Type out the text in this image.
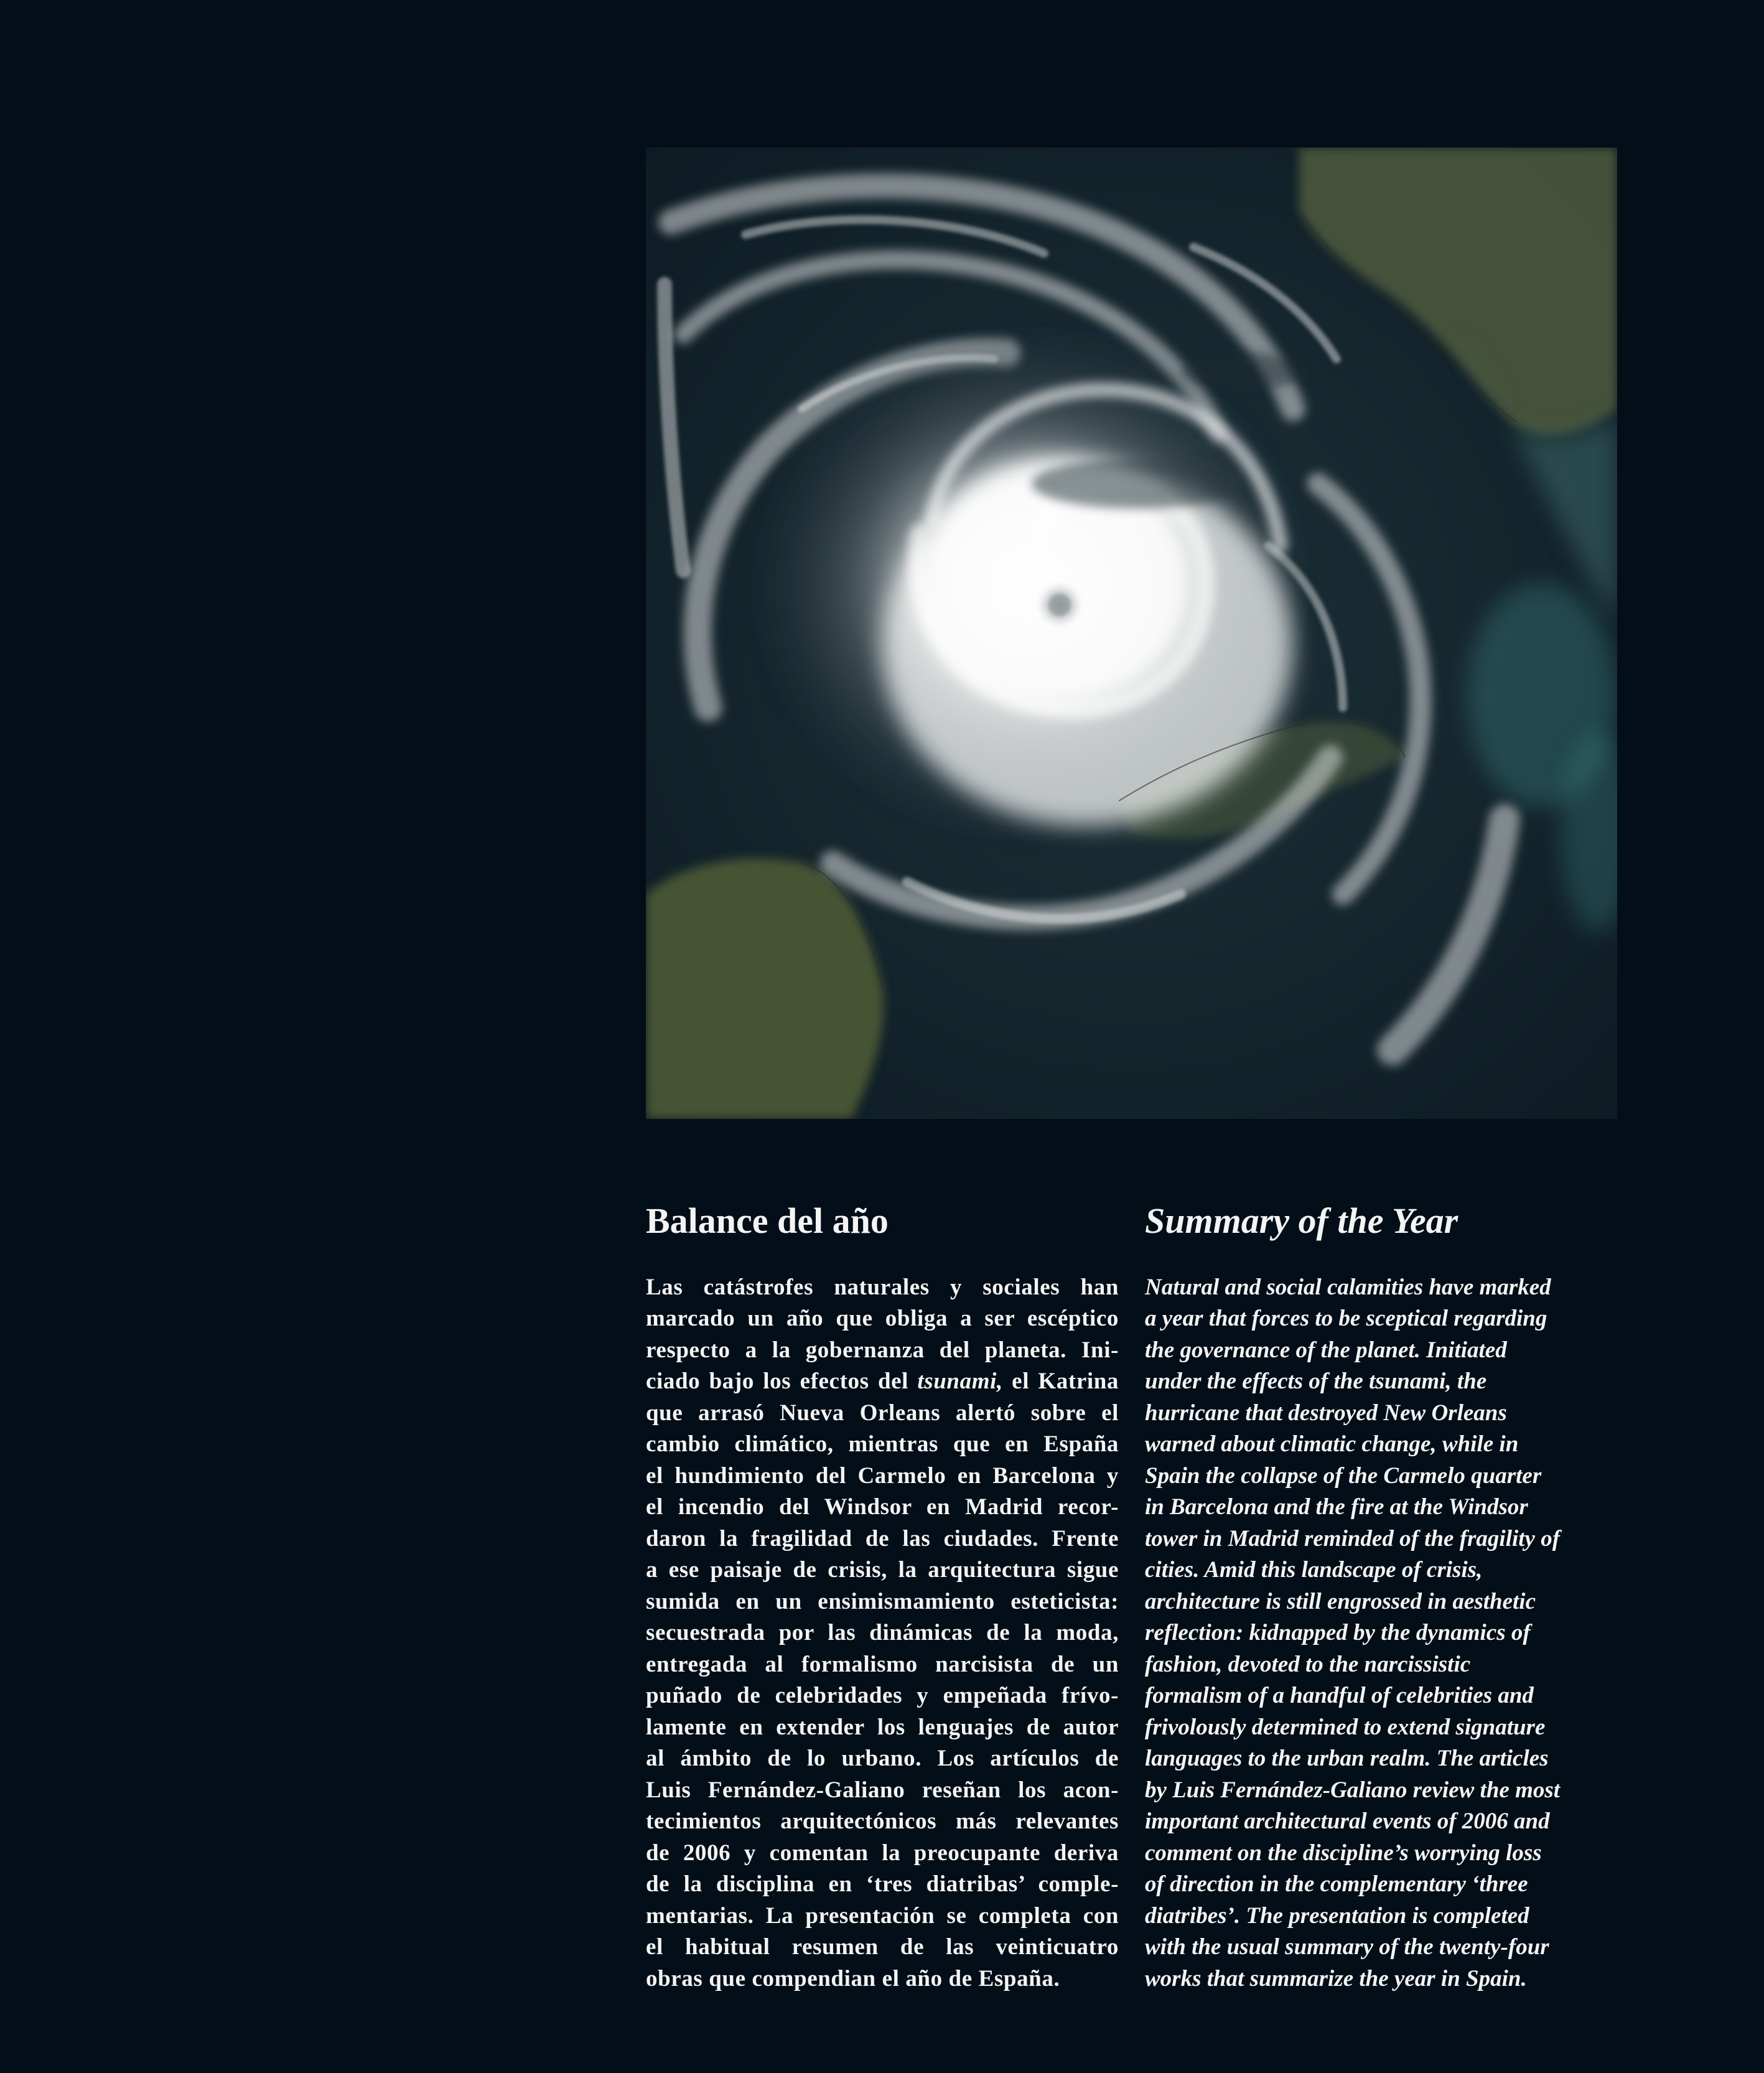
Balance del año

Las catástrofes naturales y sociales han
marcado un año que obliga a ser escéptico
respecto a la gobernanza del planeta. Ini-
ciado bajo los efectos del tsunami, el Katrina
que arrasó Nueva Orleans alertó sobre el
cambio climático, mientras que en España
el hundimiento del Carmelo en Barcelona y
el incendio del Windsor en Madrid recor-
daron la fragilidad de las ciudades. Frente
a ese paisaje de crisis, la arquitectura sigue
sumida en un ensimismamiento esteticista:
secuestrada por las dinámicas de la moda,
entregada al formalismo narcisista de un
puñado de celebridades y empeñada frívo-
lamente en extender los lenguajes de autor
al ámbito de lo urbano. Los artículos de
Luis Fernández-Galiano reseñan los acon-
tecimientos arquitectónicos más relevantes
de 2006 y comentan la preocupante deriva
de la disciplina en ‘tres diatribas’ comple-
mentarias. La presentación se completa con
el habitual resumen de las veinticuatro
obras que compendian el año de España.

Summary of the Year

Natural and social calamities have marked
a year that forces to be sceptical regarding
the governance of the planet. Initiated
under the effects of the tsunami, the
hurricane that destroyed New Orleans
warned about climatic change, while in
Spain the collapse of the Carmelo quarter
in Barcelona and the fire at the Windsor
tower in Madrid reminded of the fragility of
cities. Amid this landscape of crisis,
architecture is still engrossed in aesthetic
reflection: kidnapped by the dynamics of
fashion, devoted to the narcissistic
formalism of a handful of celebrities and
frivolously determined to extend signature
languages to the urban realm. The articles
by Luis Fernández-Galiano review the most
important architectural events of 2006 and
comment on the discipline’s worrying loss
of direction in the complementary ‘three
diatribes’. The presentation is completed
with the usual summary of the twenty-four
works that summarize the year in Spain.
